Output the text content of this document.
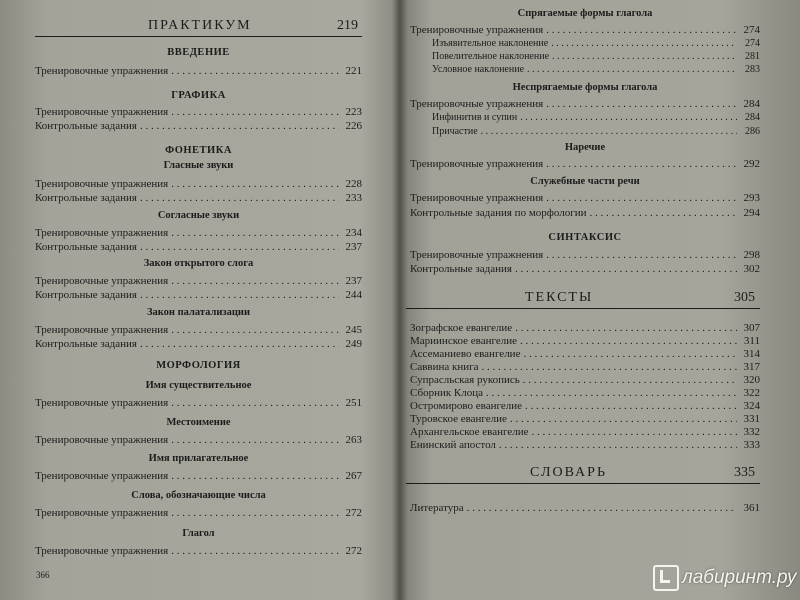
ПРАКТИКУМ	219
ВВЕДЕНИЕ
Тренировочные упражнения . . .	221
ГРАФИКА
Тренировочные упражнения . . .	223
Контрольные задания . . .	226
ФОНЕТИКА
Гласные звуки
Тренировочные упражнения . . .	228
Контрольные задания . . .	233
Согласные звуки
Тренировочные упражнения . . .	234
Контрольные задания . . .	237
Закон открытого слога
Тренировочные упражнения . . .	237
Контрольные задания . . .	244
Закон палатализации
Тренировочные упражнения . . .	245
Контрольные задания . . .	249
МОРФОЛОГИЯ
Имя существительное
Тренировочные упражнения . . .	251
Местоимение
Тренировочные упражнения . . .	263
Имя прилагательное
Тренировочные упражнения . . .	267
Слова, обозначающие числа
Тренировочные упражнения . . .	272
Глагол
Тренировочные упражнения . . .	272
366
Спрягаемые формы глагола
Тренировочные упражнения . . .	274
Изъявительное наклонение . . .	274
Повелительное наклонение . . .	281
Условное наклонение . . .	283
Неспрягаемые формы глагола
Тренировочные упражнения . . .	284
Инфинитив и супин . . .	284
Причастие . . .	286
Наречие
Тренировочные упражнения . . .	292
Служебные части речи
Тренировочные упражнения . . .	293
Контрольные задания по морфологии . . .	294
СИНТАКСИС
Тренировочные упражнения . . .	298
Контрольные задания . . .	302
ТЕКСТЫ	305
Зографское евангелие . . .	307
Мариинское евангелие . . .	311
Ассеманиево евангелие . . .	314
Саввина книга . . .	317
Супрасльская рукопись . . .	320
Сборник Клоца . . .	322
Остромирово евангелие . . .	324
Туровское евангелие . . .	331
Архангельское евангелие . . .	332
Енинский апостол . . .	333
СЛОВАРЬ	335
Литература . . .	361
лабиринт.ру
